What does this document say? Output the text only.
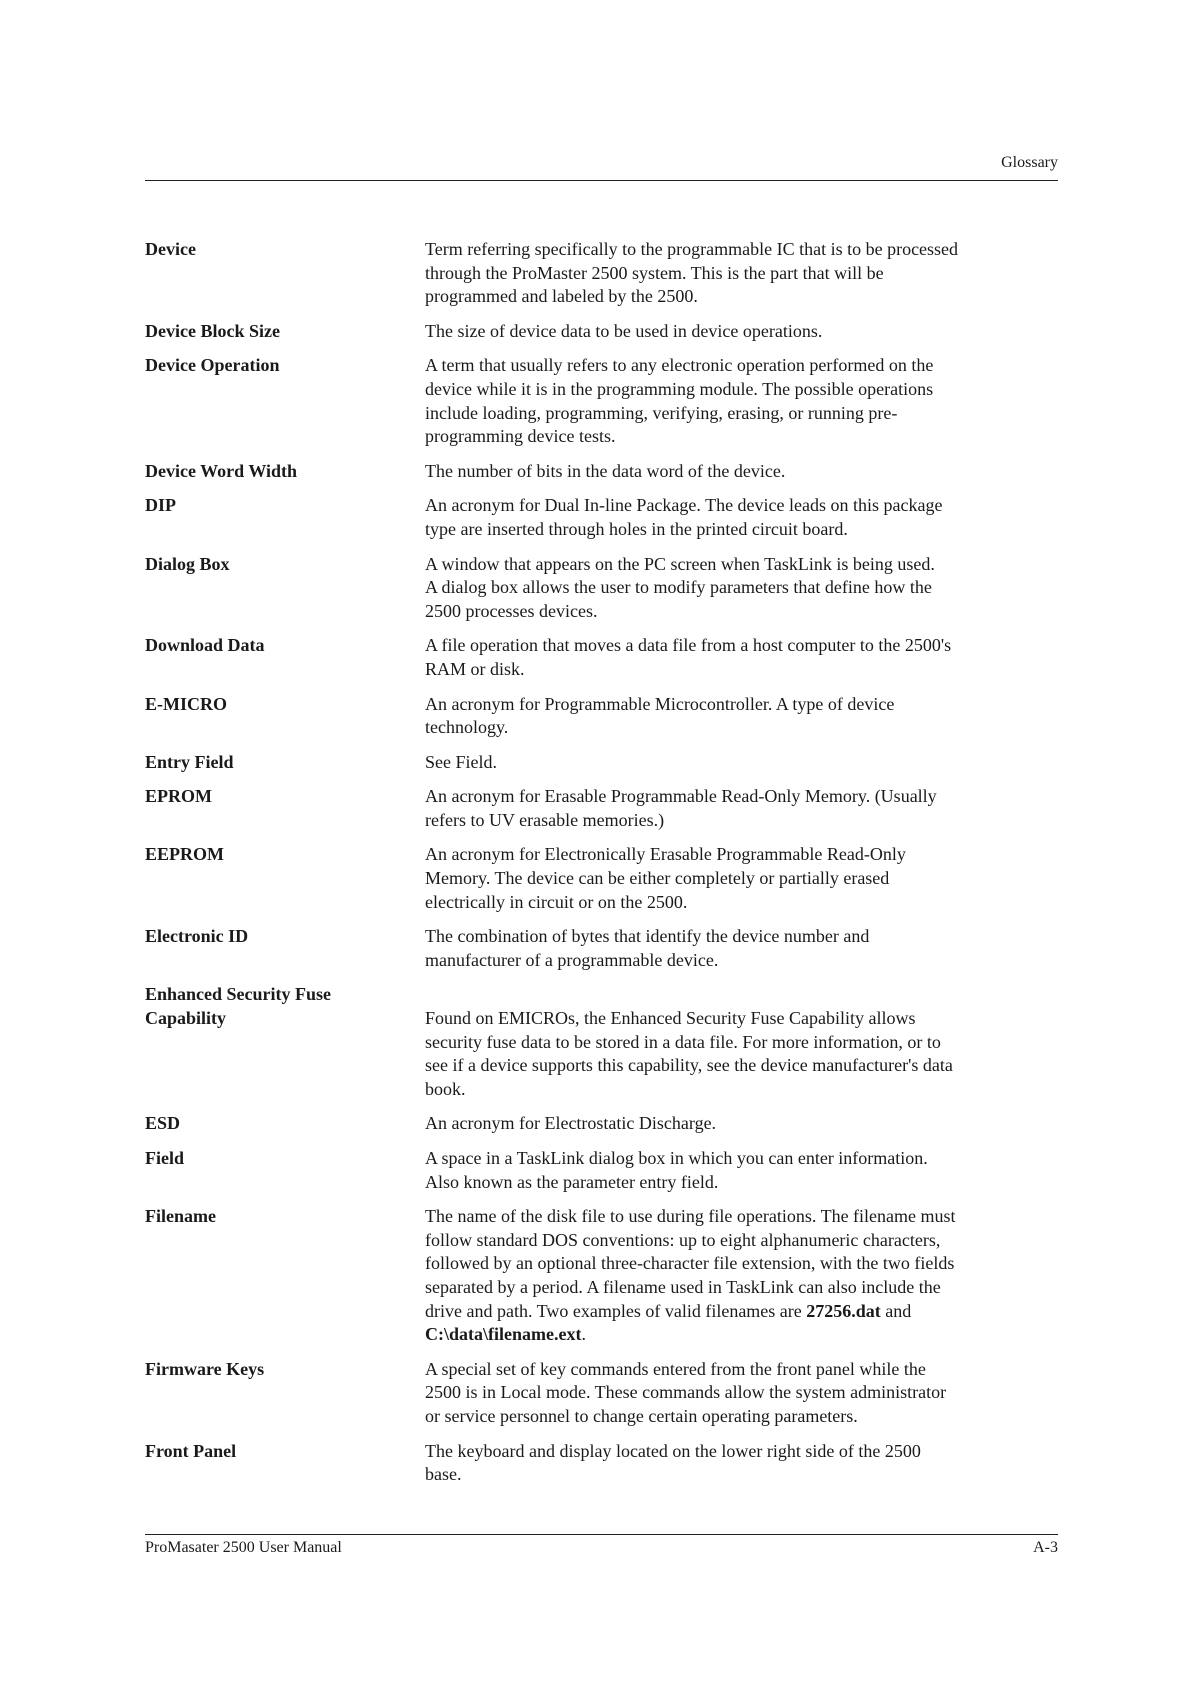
Glossary
Device	Term referring specifically to the programmable IC that is to be processed
through the ProMaster 2500 system. This is the part that will be
programmed and labeled by the 2500.
Device Block Size	The size of device data to be used in device operations.
Device Operation	A term that usually refers to any electronic operation performed on the
device while it is in the programming module. The possible operations
include loading, programming, verifying, erasing, or running pre-
programming device tests.
Device Word Width	The number of bits in the data word of the device.
DIP	An acronym for Dual In-line Package. The device leads on this package
type are inserted through holes in the printed circuit board.
Dialog Box	A window that appears on the PC screen when TaskLink is being used.
A dialog box allows the user to modify parameters that define how the
2500 processes devices.
Download Data	A file operation that moves a data file from a host computer to the 2500's
RAM or disk.
E-MICRO	An acronym for Programmable Microcontroller. A type of device
technology.
Entry Field	See Field.
EPROM	An acronym for Erasable Programmable Read-Only Memory. (Usually
refers to UV erasable memories.)
EEPROM	An acronym for Electronically Erasable Programmable Read-Only
Memory. The device can be either completely or partially erased
electrically in circuit or on the 2500.
Electronic ID	The combination of bytes that identify the device number and
manufacturer of a programmable device.
Enhanced Security Fuse
Capability	Found on EMICROs, the Enhanced Security Fuse Capability allows
security fuse data to be stored in a data file. For more information, or to
see if a device supports this capability, see the device manufacturer's data
book.
ESD	An acronym for Electrostatic Discharge.
Field	A space in a TaskLink dialog box in which you can enter information.
Also known as the parameter entry field.
Filename	The name of the disk file to use during file operations. The filename must
follow standard DOS conventions: up to eight alphanumeric characters,
followed by an optional three-character file extension, with the two fields
separated by a period. A filename used in TaskLink can also include the
drive and path. Two examples of valid filenames are 27256.dat and
C:\data\filename.ext.
Firmware Keys	A special set of key commands entered from the front panel while the
2500 is in Local mode. These commands allow the system administrator
or service personnel to change certain operating parameters.
Front Panel	The keyboard and display located on the lower right side of the 2500
base.
ProMasater 2500 User Manual	A-3
